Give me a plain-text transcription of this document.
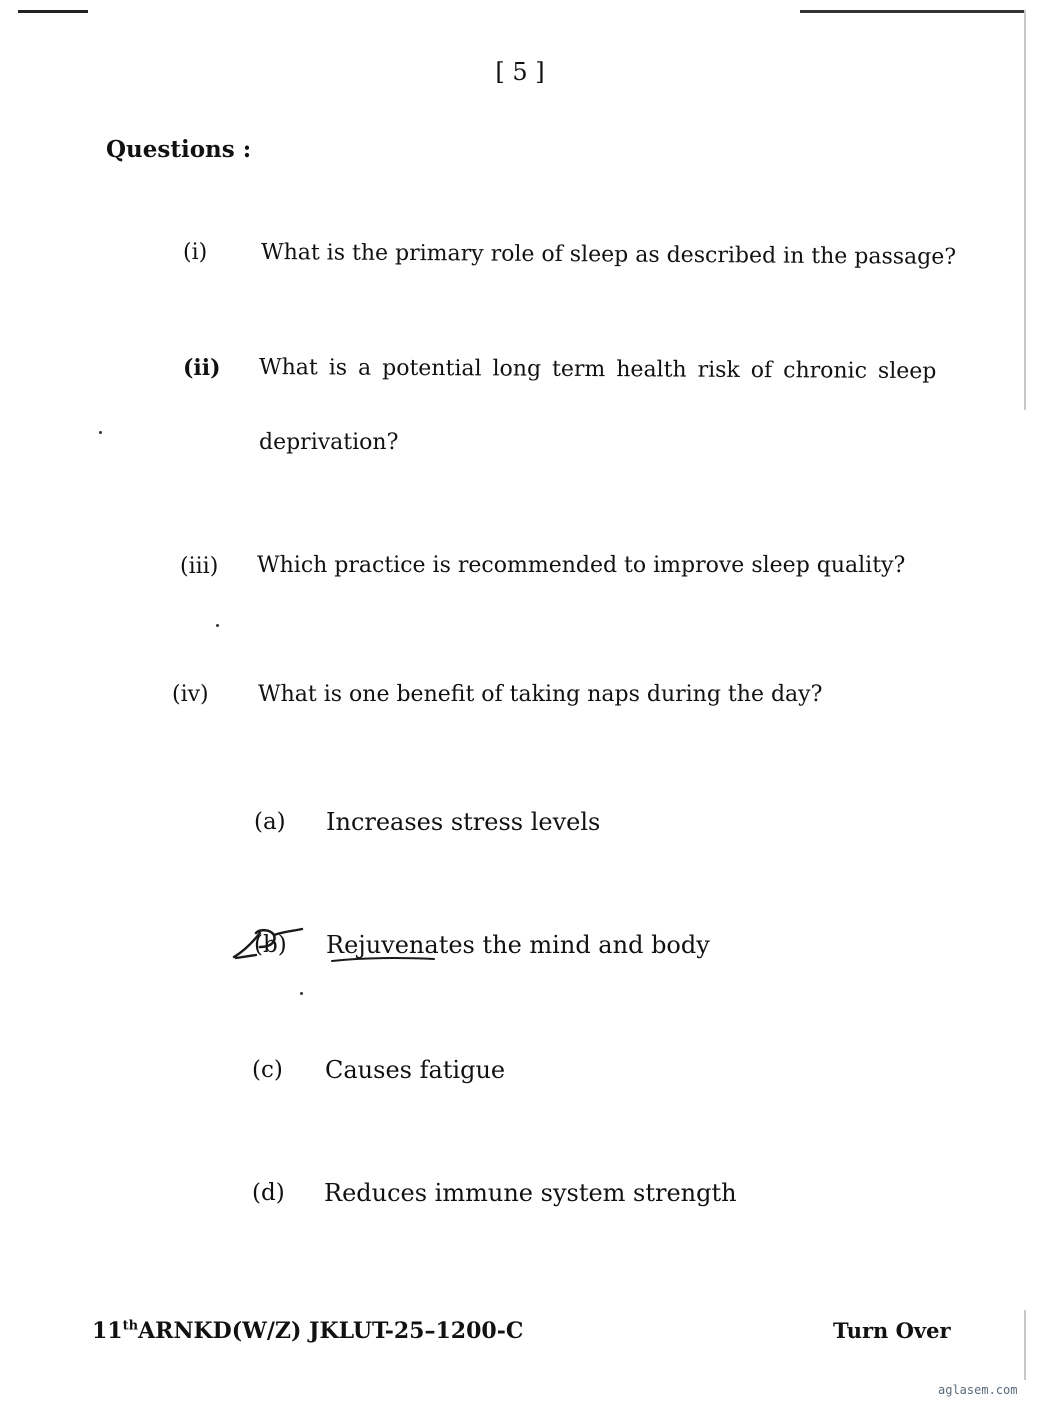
[ 5 ]
Questions :
(i) What is the primary role of sleep as described in the passage?
(ii) What is a potential long term health risk of chronic sleep
deprivation?
(iii) Which practice is recommended to improve sleep quality?
(iv) What is one benefit of taking naps during the day?
(a) Increases stress levels
(b) Rejuvenates the mind and body
(c) Causes fatigue
(d) Reduces immune system strength
11thARNKD(W/Z) JKLUT-25–1200-C	Turn Over
aglasem.com
